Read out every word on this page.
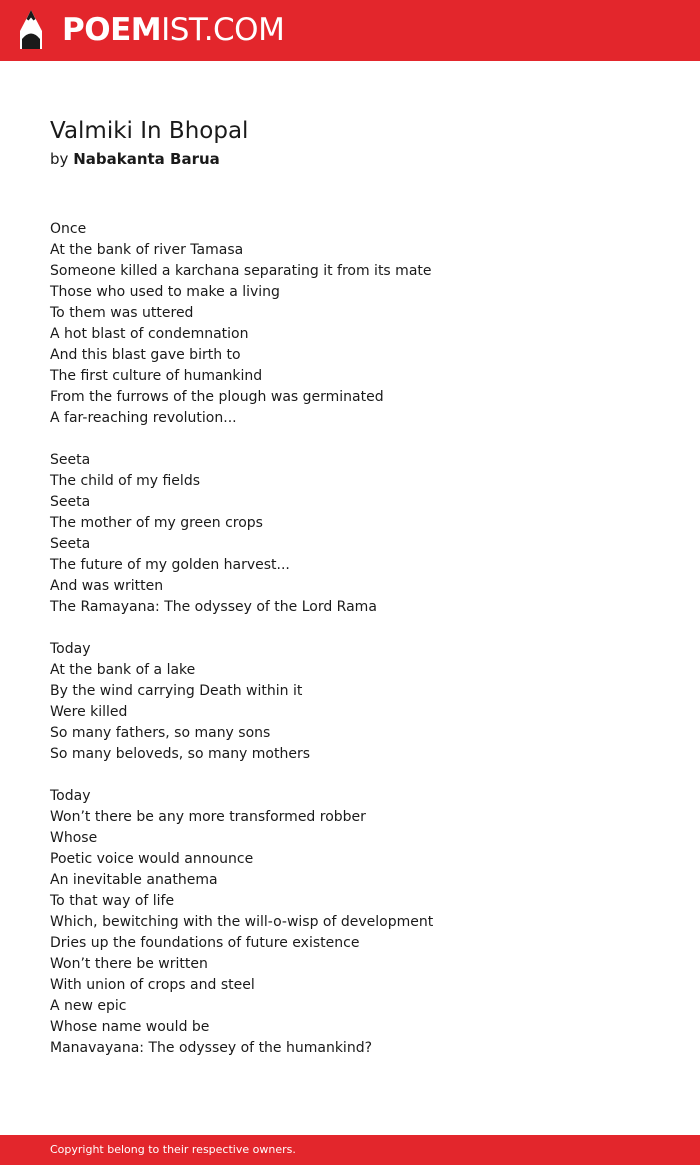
POEMIST.COM
Valmiki In Bhopal
by Nabakanta Barua
Once
At the bank of river Tamasa
Someone killed a karchana separating it from its mate
Those who used to make a living
To them was uttered
A hot blast of condemnation
And this blast gave birth to
The first culture of humankind
From the furrows of the plough was germinated
A far-reaching revolution...
Seeta
The child of my fields
Seeta
The mother of my green crops
Seeta
The future of my golden harvest...
And was written
The Ramayana: The odyssey of the Lord Rama
Today
At the bank of a lake
By the wind carrying Death within it
Were killed
So many fathers, so many sons
So many beloveds, so many mothers
Today
Won’t there be any more transformed robber
Whose
Poetic voice would announce
An inevitable anathema
To that way of life
Which, bewitching with the will-o-wisp of development
Dries up the foundations of future existence
Won’t there be written
With union of crops and steel
A new epic
Whose name would be
Manavayana: The odyssey of the humankind?
Copyright belong to their respective owners.
